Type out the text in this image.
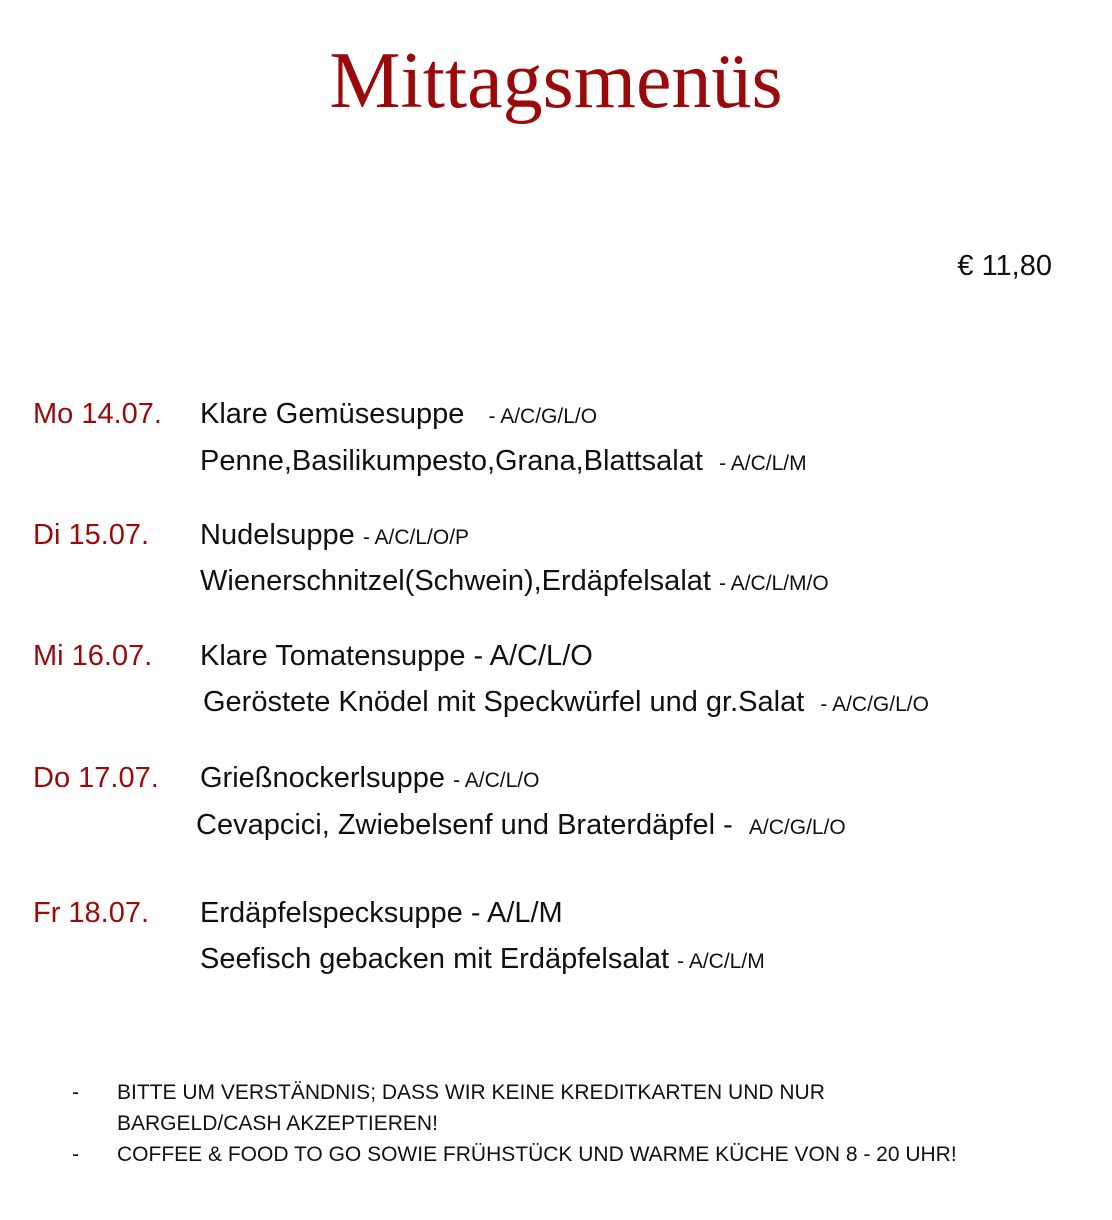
Mittagsmenüs
€ 11,80
Mo 14.07. Klare Gemüsesuppe - A/C/G/L/O
Penne,Basilikumpesto,Grana,Blattsalat - A/C/L/M
Di 15.07. Nudelsuppe - A/C/L/O/P
Wienerschnitzel(Schwein),Erdäpfelsalat - A/C/L/M/O
Mi 16.07. Klare Tomatensuppe - A/C/L/O
Geröstete Knödel mit Speckwürfel und gr.Salat - A/C/G/L/O
Do 17.07. Grießnockerlsuppe - A/C/L/O
Cevapcici, Zwiebelsenf und Braterdäpfel - A/C/G/L/O
Fr 18.07. Erdäpfelspecksuppe - A/L/M
Seefisch gebacken mit Erdäpfelsalat - A/C/L/M
- BITTE UM VERSTÄNDNIS; DASS WIR KEINE KREDITKARTEN UND NUR BARGELD/CASH AKZEPTIEREN!
- COFFEE & FOOD TO GO SOWIE FRÜHSTÜCK UND WARME KÜCHE VON 8 - 20 UHR!
